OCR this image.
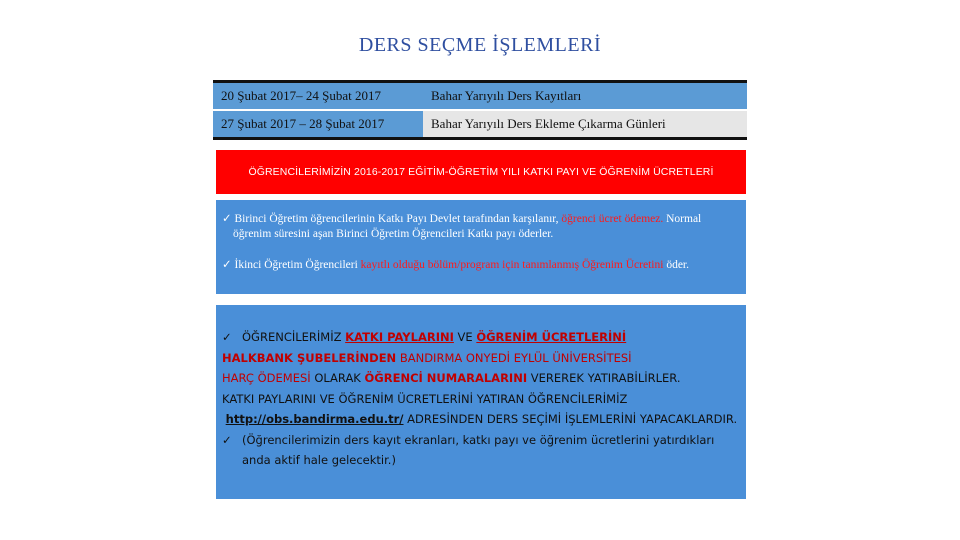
DERS SEÇME İŞLEMLERİ
20 Şubat 2017– 24 Şubat 2017	Bahar Yarıyılı Ders Kayıtları
27 Şubat 2017 – 28 Şubat 2017	Bahar Yarıyılı Ders Ekleme Çıkarma Günleri
ÖĞRENCİLERİMİZİN 2016-2017 EĞİTİM-ÖĞRETİM YILI KATKI PAYI VE ÖĞRENİM ÜCRETLERİ

✓ Birinci Öğretim öğrencilerinin Katkı Payı Devlet tarafından karşılanır, öğrenci ücret ödemez. Normal öğrenim süresini aşan Birinci Öğretim Öğrencileri Katkı payı öderler.

✓ İkinci Öğretim Öğrencileri kayıtlı olduğu bölüm/program için tanımlanmış Öğrenim Ücretini öder.

✓ ÖĞRENCİLERİMİZ KATKI PAYLARINI VE ÖĞRENİM ÜCRETLERİNİ
HALKBANK ŞUBELERİNDEN BANDIRMA ONYEDİ EYLÜL ÜNİVERSİTESİ
HARÇ ÖDEMESİ OLARAK ÖĞRENCİ NUMARALARINI VEREREK YATIRABİLİRLER.
KATKI PAYLARINI VE ÖĞRENİM ÜCRETLERİNİ YATIRAN ÖĞRENCİLERİMİZ
http://obs.bandirma.edu.tr/ ADRESİNDEN DERS SEÇİMİ İŞLEMLERİNİ YAPACAKLARDIR.

✓ (Öğrencilerimizin ders kayıt ekranları, katkı payı ve öğrenim ücretlerini yatırdıkları anda aktif hale gelecektir.)
